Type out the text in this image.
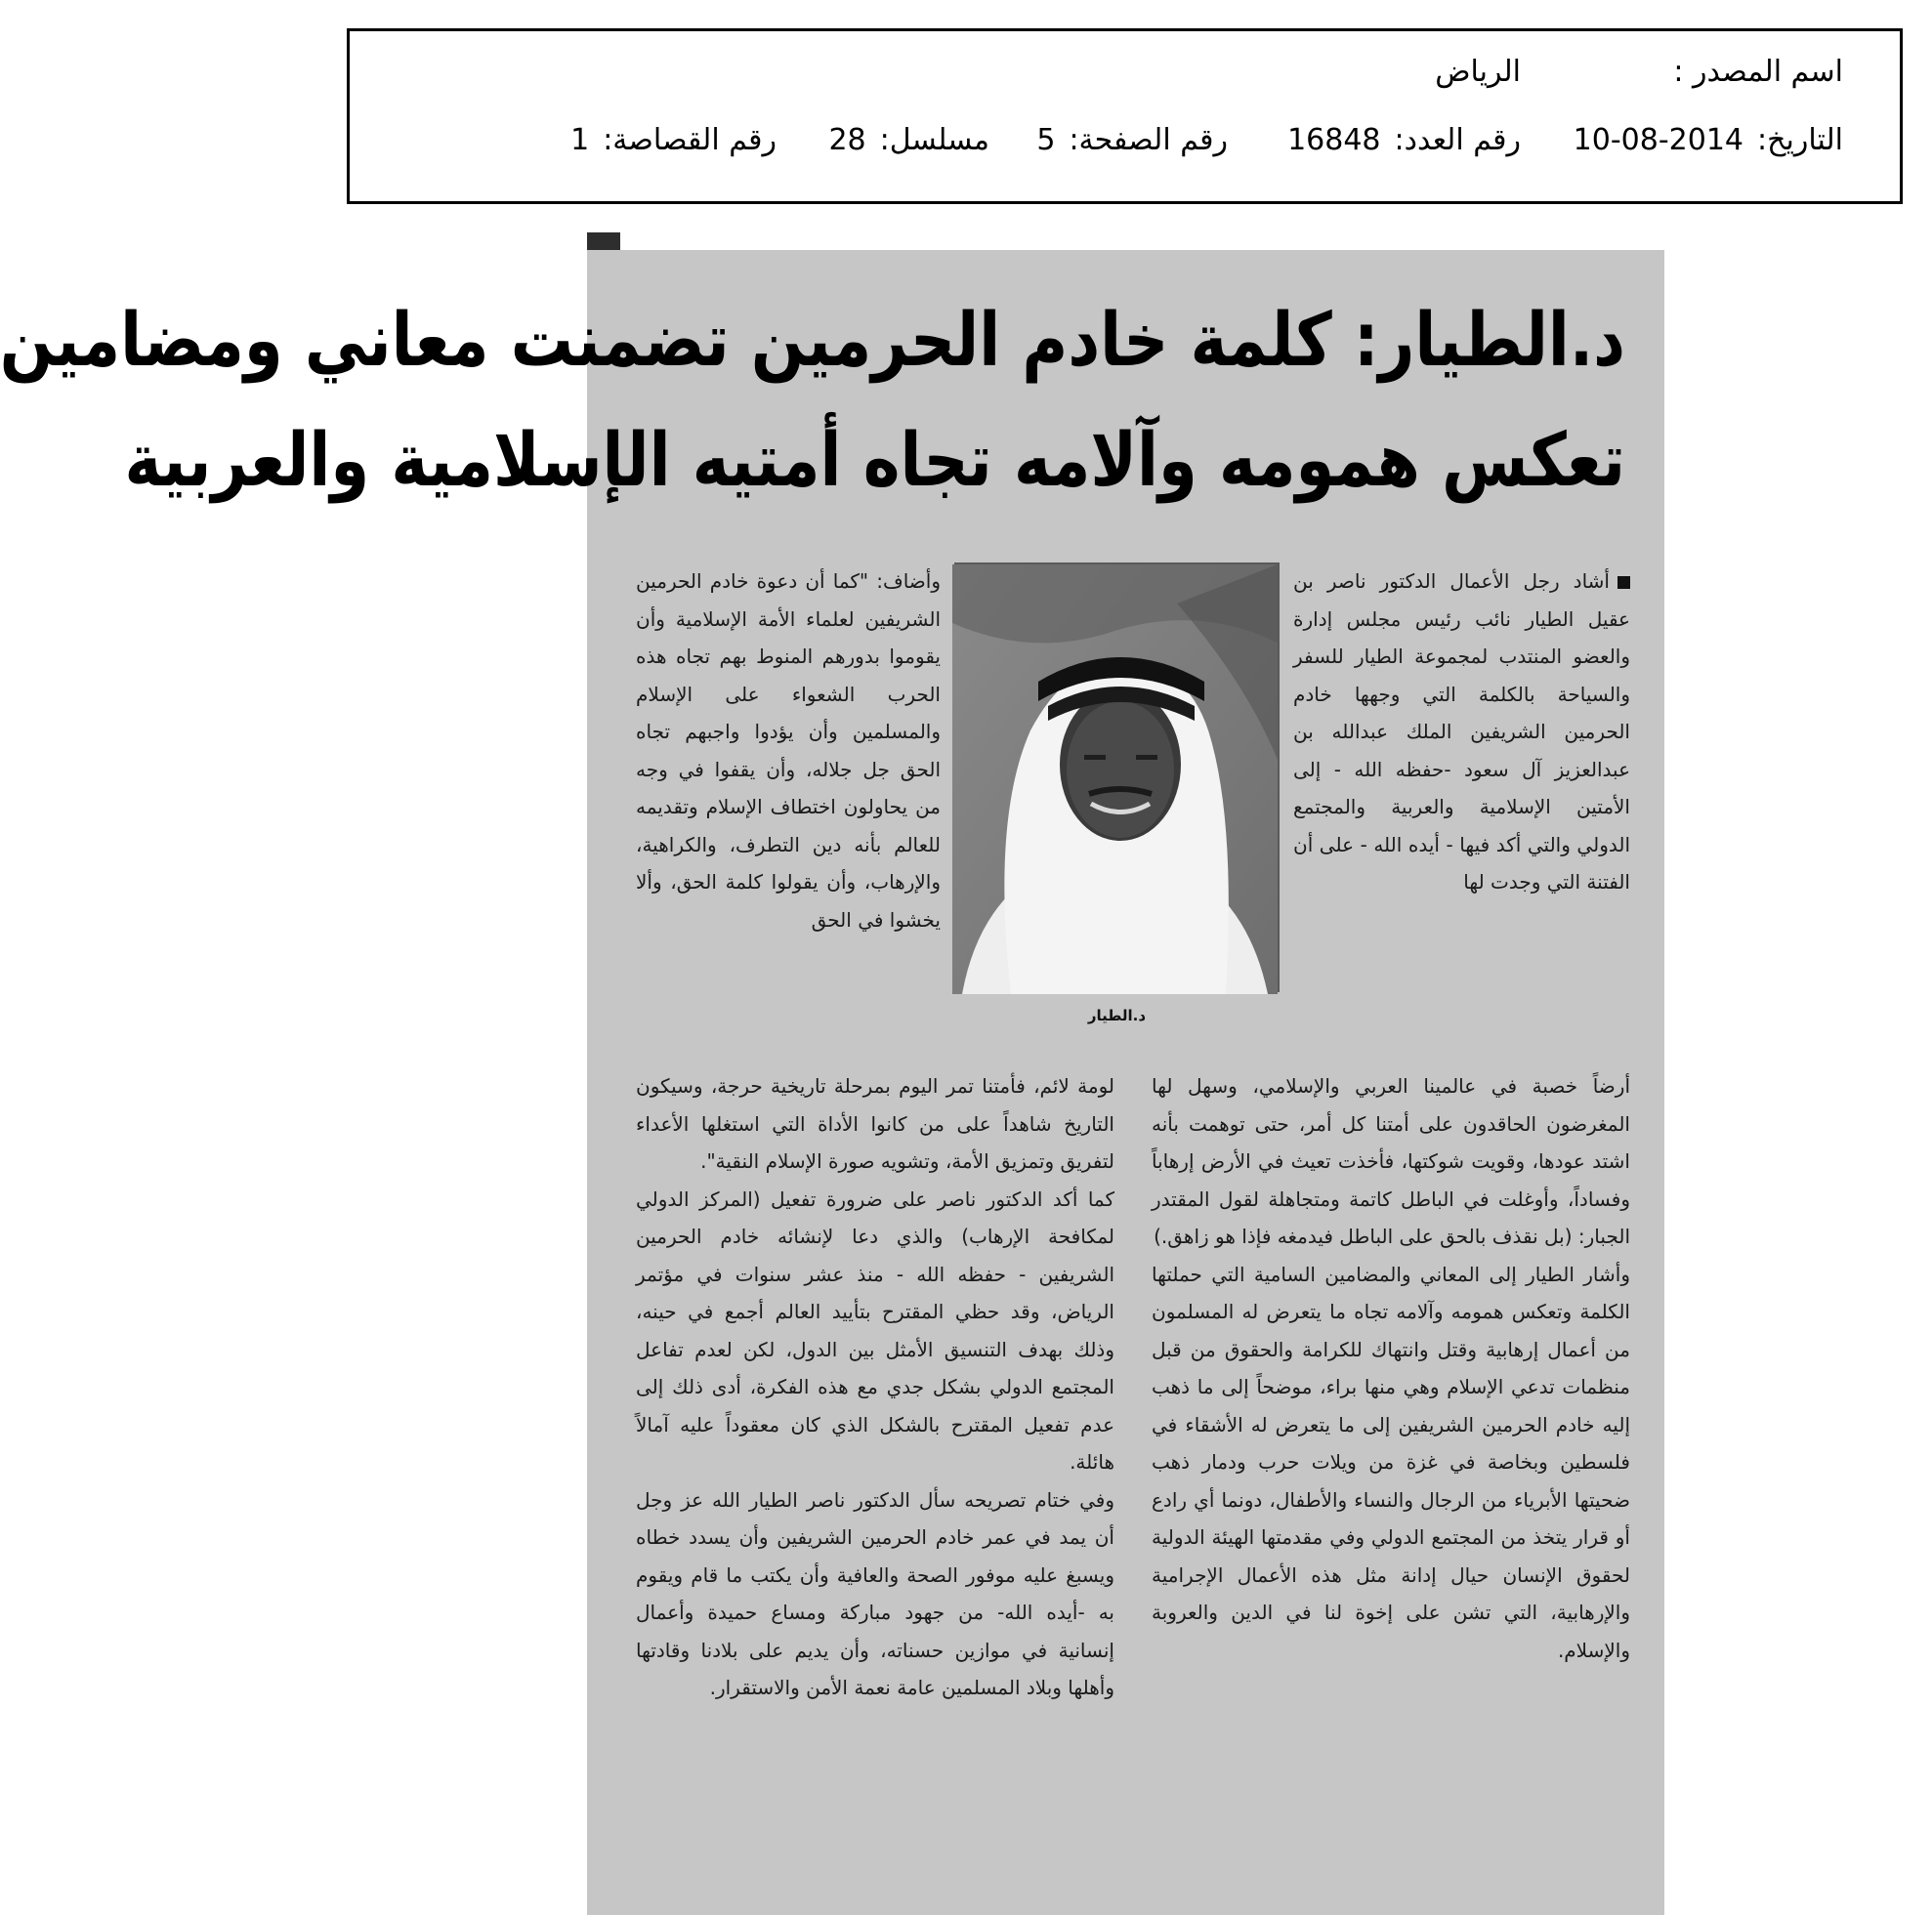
اسم المصدر :
الرياض
التاريخ:2014-08-10
رقم العدد:16848
رقم الصفحة:5
مسلسل:28
رقم القصاصة:1
د.الطيار: كلمة خادم الحرمين تضمنت معاني ومضامين
تعكس همومه وآلامه تجاه أمتيه الإسلامية والعربية

أشاد رجل الأعمال الدكتور ناصر بن عقيل الطيار نائب رئيس مجلس إدارة والعضو المنتدب لمجموعة الطيار للسفر والسياحة بالكلمة التي وجهها خادم الحرمين الشريفين الملك عبدالله بن عبدالعزيز آل سعود -حفظه الله - إلى الأمتين الإسلامية والعربية والمجتمع الدولي والتي أكد فيها - أيده الله - على أن الفتنة التي وجدت لها

د.الطيار

وأضاف: "كما أن دعوة خادم الحرمين الشريفين لعلماء الأمة الإسلامية وأن يقوموا بدورهم المنوط بهم تجاه هذه الحرب الشعواء على الإسلام والمسلمين وأن يؤدوا واجبهم تجاه الحق جل جلاله، وأن يقفوا في وجه من يحاولون اختطاف الإسلام وتقديمه للعالم بأنه دين التطرف، والكراهية، والإرهاب، وأن يقولوا كلمة الحق، وألا يخشوا في الحق

أرضاً خصبة في عالمينا العربي والإسلامي، وسهل لها المغرضون الحاقدون على أمتنا كل أمر، حتى توهمت بأنه اشتد عودها، وقويت شوكتها، فأخذت تعيث في الأرض إرهاباً وفساداً، وأوغلت في الباطل كاتمة ومتجاهلة لقول المقتدر الجبار: (بل نقذف بالحق على الباطل فيدمغه فإذا هو زاهق.)

وأشار الطيار إلى المعاني والمضامين السامية التي حملتها الكلمة وتعكس همومه وآلامه تجاه ما يتعرض له المسلمون من أعمال إرهابية وقتل وانتهاك للكرامة والحقوق من قبل منظمات تدعي الإسلام وهي منها براء، موضحاً إلى ما ذهب إليه خادم الحرمين الشريفين إلى ما يتعرض له الأشقاء في فلسطين وبخاصة في غزة من ويلات حرب ودمار ذهب ضحيتها الأبرياء من الرجال والنساء والأطفال، دونما أي رادع أو قرار يتخذ من المجتمع الدولي وفي مقدمتها الهيئة الدولية لحقوق الإنسان حيال إدانة مثل هذه الأعمال الإجرامية والإرهابية، التي تشن على إخوة لنا في الدين والعروبة والإسلام.

لومة لائم، فأمتنا تمر اليوم بمرحلة تاريخية حرجة، وسيكون التاريخ شاهداً على من كانوا الأداة التي استغلها الأعداء لتفريق وتمزيق الأمة، وتشويه صورة الإسلام النقية".

كما أكد الدكتور ناصر على ضرورة تفعيل (المركز الدولي لمكافحة الإرهاب) والذي دعا لإنشائه خادم الحرمين الشريفين - حفظه الله - منذ عشر سنوات في مؤتمر الرياض، وقد حظي المقترح بتأييد العالم أجمع في حينه، وذلك بهدف التنسيق الأمثل بين الدول، لكن لعدم تفاعل المجتمع الدولي بشكل جدي مع هذه الفكرة، أدى ذلك إلى عدم تفعيل المقترح بالشكل الذي كان معقوداً عليه آمالاً هائلة.

وفي ختام تصريحه سأل الدكتور ناصر الطيار الله عز وجل أن يمد في عمر خادم الحرمين الشريفين وأن يسدد خطاه ويسبغ عليه موفور الصحة والعافية وأن يكتب ما قام ويقوم به -أيده الله- من جهود مباركة ومساع حميدة وأعمال إنسانية في موازين حسناته، وأن يديم على بلادنا وقادتها وأهلها وبلاد المسلمين عامة نعمة الأمن والاستقرار.
